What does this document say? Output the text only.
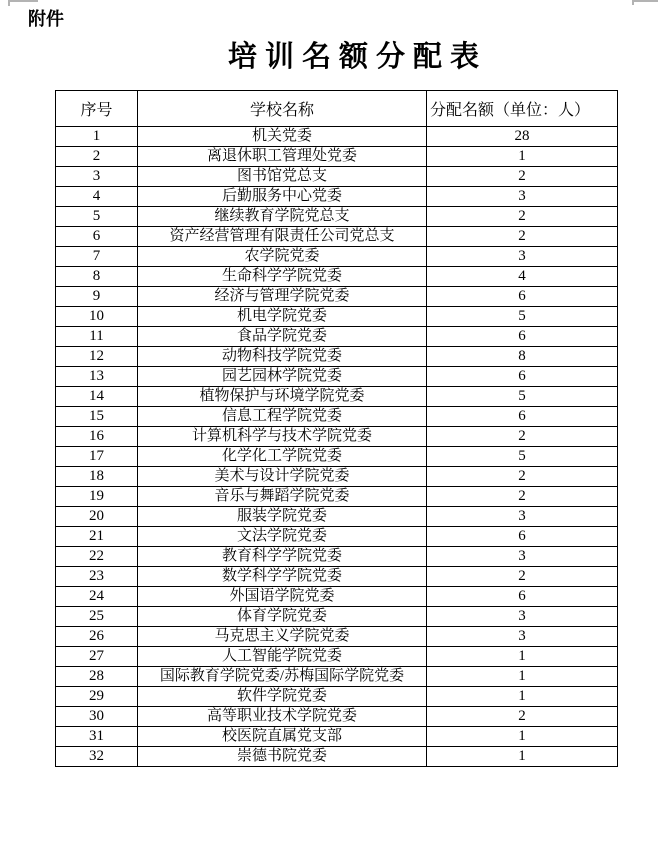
附件
培训名额分配表
序号	学校名称	分配名额（单位：人）
1	机关党委	28
2	离退休职工管理处党委	1
3	图书馆党总支	2
4	后勤服务中心党委	3
5	继续教育学院党总支	2
6	资产经营管理有限责任公司党总支	2
7	农学院党委	3
8	生命科学学院党委	4
9	经济与管理学院党委	6
10	机电学院党委	5
11	食品学院党委	6
12	动物科技学院党委	8
13	园艺园林学院党委	6
14	植物保护与环境学院党委	5
15	信息工程学院党委	6
16	计算机科学与技术学院党委	2
17	化学化工学院党委	5
18	美术与设计学院党委	2
19	音乐与舞蹈学院党委	2
20	服装学院党委	3
21	文法学院党委	6
22	教育科学学院党委	3
23	数学科学学院党委	2
24	外国语学院党委	6
25	体育学院党委	3
26	马克思主义学院党委	3
27	人工智能学院党委	1
28	国际教育学院党委/苏梅国际学院党委	1
29	软件学院党委	1
30	高等职业技术学院党委	2
31	校医院直属党支部	1
32	崇德书院党委	1
